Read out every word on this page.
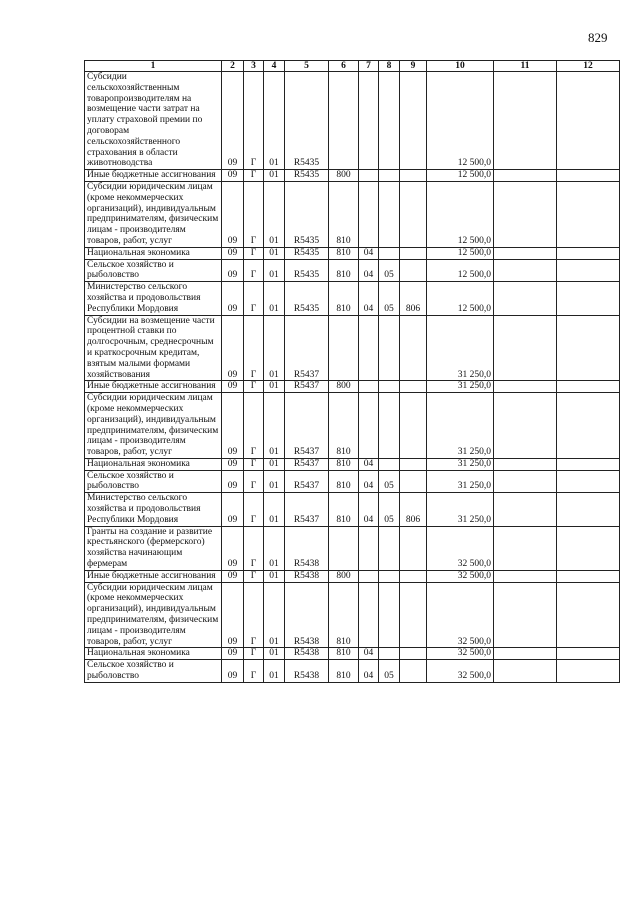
829
1	2	3	4	5	6	7	8	9	10	11	12
Субсидии сельскохозяйственным товаропроизводителям на возмещение части затрат на уплату страховой премии по договорам сельскохозяйственного страхования в области животноводства	09	Г	01	R5435					12 500,0		
Иные бюджетные ассигнования	09	Г	01	R5435	800				12 500,0		
Субсидии юридическим лицам (кроме некоммерческих организаций), индивидуальным предпринимателям, физическим лицам - производителям товаров, работ, услуг	09	Г	01	R5435	810				12 500,0		
Национальная экономика	09	Г	01	R5435	810	04			12 500,0		
Сельское хозяйство и рыболовство	09	Г	01	R5435	810	04	05		12 500,0		
Министерство сельского хозяйства и продовольствия Республики Мордовия	09	Г	01	R5435	810	04	05	806	12 500,0		
Субсидии на возмещение части процентной ставки по долгосрочным, среднесрочным и краткосрочным кредитам, взятым малыми формами хозяйствования	09	Г	01	R5437					31 250,0		
Иные бюджетные ассигнования	09	Г	01	R5437	800				31 250,0		
Субсидии юридическим лицам (кроме некоммерческих организаций), индивидуальным предпринимателям, физическим лицам - производителям товаров, работ, услуг	09	Г	01	R5437	810				31 250,0		
Национальная экономика	09	Г	01	R5437	810	04			31 250,0		
Сельское хозяйство и рыболовство	09	Г	01	R5437	810	04	05		31 250,0		
Министерство сельского хозяйства и продовольствия Республики Мордовия	09	Г	01	R5437	810	04	05	806	31 250,0		
Гранты на создание и развитие крестьянского (фермерского) хозяйства начинающим фермерам	09	Г	01	R5438					32 500,0		
Иные бюджетные ассигнования	09	Г	01	R5438	800				32 500,0		
Субсидии юридическим лицам (кроме некоммерческих организаций), индивидуальным предпринимателям, физическим лицам - производителям товаров, работ, услуг	09	Г	01	R5438	810				32 500,0		
Национальная экономика	09	Г	01	R5438	810	04			32 500,0		
Сельское хозяйство и рыболовство	09	Г	01	R5438	810	04	05		32 500,0		
